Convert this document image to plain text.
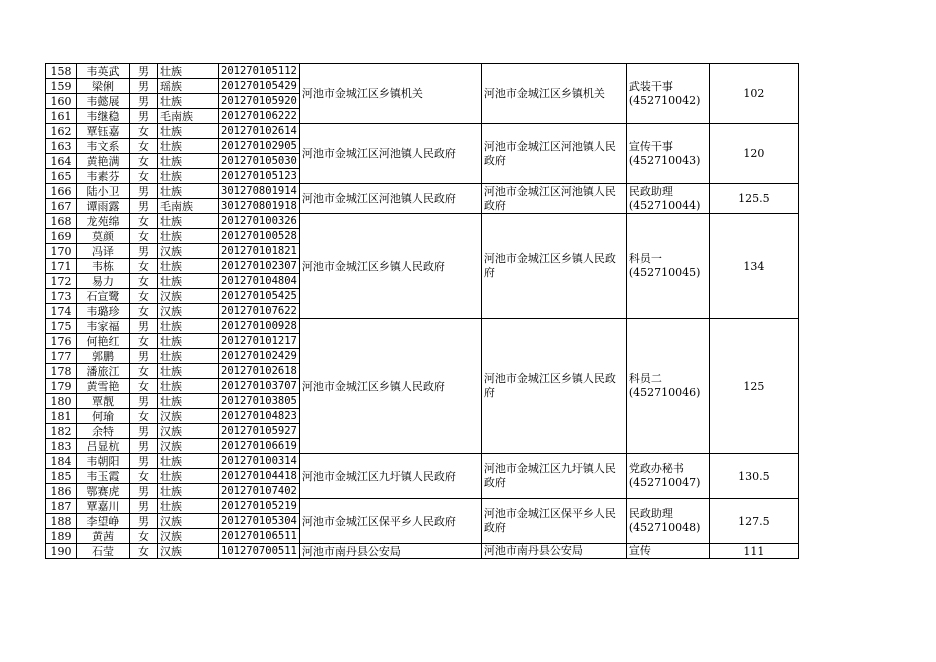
158	韦英武	男	壮族	201270105112	河池市金城江区乡镇机关	河池市金城江区乡镇机关	武装干事
(452710042)	102
159	梁俐	男	瑶族	201270105429				
160	韦懿展	男	壮族	201270105920				
161	韦继稳	男	毛南族	201270106222				
162	覃钰嘉	女	壮族	201270102614	河池市金城江区河池镇人民政府	河池市金城江区河池镇人民政府	宣传干事
(452710043)	120
163	韦文系	女	壮族	201270102905				
164	黄艳满	女	壮族	201270105030				
165	韦素芬	女	壮族	201270105123				
166	陆小卫	男	壮族	301270801914	河池市金城江区河池镇人民政府	河池市金城江区河池镇人民政府	民政助理
(452710044)	125.5
167	谭雨露	男	毛南族	301270801918				
168	龙苑绵	女	壮族	201270100326	河池市金城江区乡镇人民政府	河池市金城江区乡镇人民政府	科员一
(452710045)	134
169	莫颜	女	壮族	201270100528				
170	冯译	男	汉族	201270101821				
171	韦栋	女	壮族	201270102307				
172	易力	女	壮族	201270104804				
173	石宣鹭	女	汉族	201270105425				
174	韦璐珍	女	汉族	201270107622				
175	韦家福	男	壮族	201270100928	河池市金城江区乡镇人民政府	河池市金城江区乡镇人民政府	科员二
(452710046)	125
176	何艳红	女	壮族	201270101217				
177	郭鹏	男	壮族	201270102429				
178	潘旅江	女	壮族	201270102618				
179	黄雪艳	女	壮族	201270103707				
180	覃靓	男	壮族	201270103805				
181	何瑜	女	汉族	201270104823				
182	余特	男	汉族	201270105927				
183	吕显杭	男	汉族	201270106619				
184	韦朝阳	男	壮族	201270100314	河池市金城江区九圩镇人民政府	河池市金城江区九圩镇人民政府	党政办秘书
(452710047)	130.5
185	韦玉霞	女	壮族	201270104418				
186	鄂赛虎	男	壮族	201270107402				
187	覃嘉川	男	壮族	201270105219	河池市金城江区保平乡人民政府	河池市金城江区保平乡人民政府	民政助理
(452710048)	127.5
188	李望峥	男	汉族	201270105304				
189	黄茜	女	汉族	201270106511				
190	石莹	女	汉族	101270700511	河池市南丹县公安局	河池市南丹县公安局	宣传	111
